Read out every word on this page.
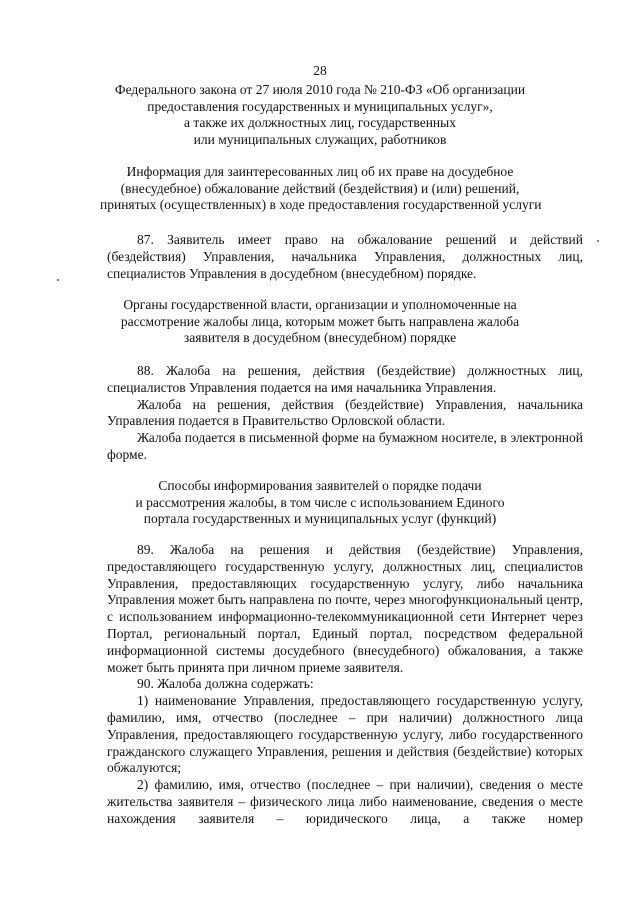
28
Федерального закона от 27 июля 2010 года № 210-ФЗ «Об организации
предоставления государственных и муниципальных услуг»,
а также их должностных лиц, государственных
или муниципальных служащих, работников
Информация для заинтересованных лиц об их праве на досудебное
(внесудебное) обжалование действий (бездействия) и (или) решений,
принятых (осуществленных) в ходе предоставления государственной услуги

87. Заявитель имеет право на обжалование решений и действий (бездействия) Управления, начальника Управления, должностных лиц, специалистов Управления в досудебном (внесудебном) порядке.

Органы государственной власти, организации и уполномоченные на
рассмотрение жалобы лица, которым может быть направлена жалоба
заявителя в досудебном (внесудебном) порядке

88. Жалоба на решения, действия (бездействие) должностных лиц, специалистов Управления подается на имя начальника Управления.

Жалоба на решения, действия (бездействие) Управления, начальника Управления подается в Правительство Орловской области.

Жалоба подается в письменной форме на бумажном носителе, в электронной форме.

Способы информирования заявителей о порядке подачи
и рассмотрения жалобы, в том числе с использованием Единого
портала государственных и муниципальных услуг (функций)

89. Жалоба на решения и действия (бездействие) Управления, предоставляющего государственную услугу, должностных лиц, специалистов Управления, предоставляющих государственную услугу, либо начальника Управления может быть направлена по почте, через многофункциональный центр, с использованием информационно-телекоммуникационной сети Интернет через Портал, региональный портал, Единый портал, посредством федеральной информационной системы досудебного (внесудебного) обжалования, а также может быть принята при личном приеме заявителя.

90. Жалоба должна содержать:

1) наименование Управления, предоставляющего государственную услугу, фамилию, имя, отчество (последнее – при наличии) должностного лица Управления, предоставляющего государственную услугу, либо государственного гражданского служащего Управления, решения и действия (бездействие) которых обжалуются;

2) фамилию, имя, отчество (последнее – при наличии), сведения о месте жительства заявителя – физического лица либо наименование, сведения о месте нахождения заявителя – юридического лица, а также номер
